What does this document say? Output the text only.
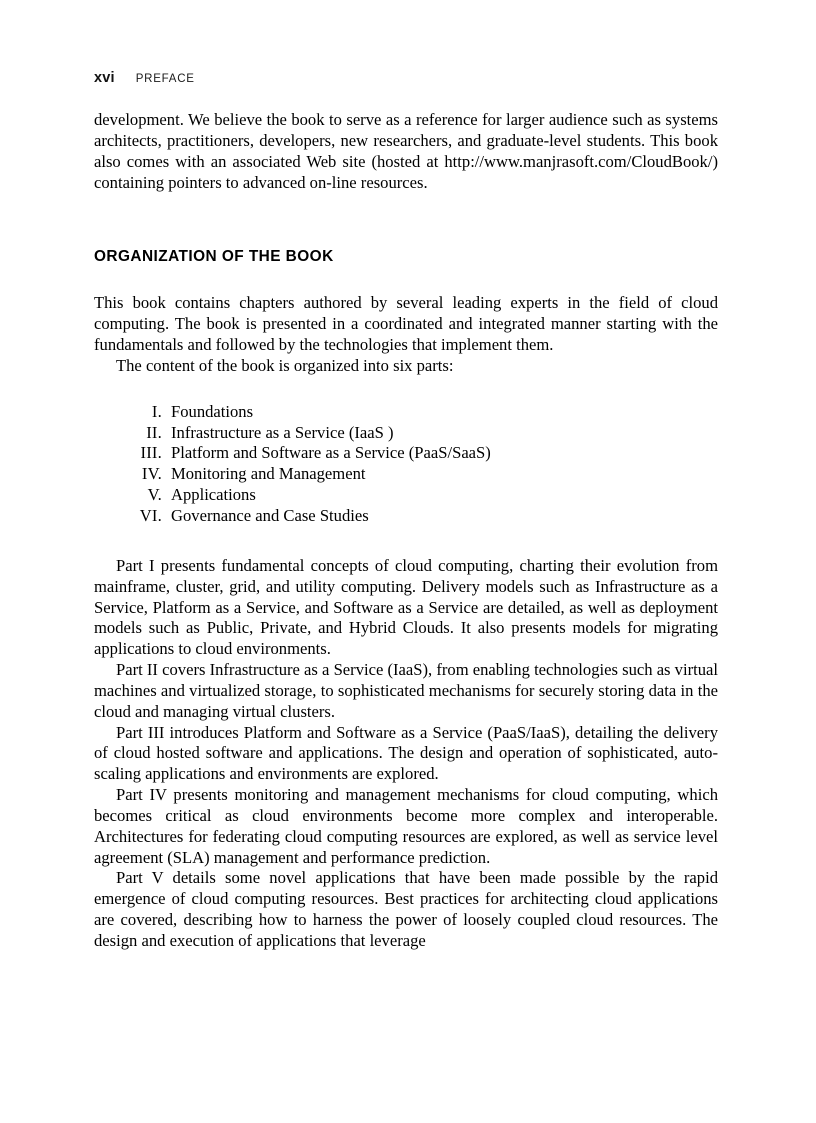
xvi PREFACE

development. We believe the book to serve as a reference for larger audience such as systems architects, practitioners, developers, new researchers, and graduate-level students. This book also comes with an associated Web site (hosted at http://www.manjrasoft.com/CloudBook/) containing pointers to advanced on-line resources.

ORGANIZATION OF THE BOOK

This book contains chapters authored by several leading experts in the field of cloud computing. The book is presented in a coordinated and integrated manner starting with the fundamentals and followed by the technologies that implement them.

The content of the book is organized into six parts:

I. Foundations
II. Infrastructure as a Service (IaaS )
III. Platform and Software as a Service (PaaS/SaaS)
IV. Monitoring and Management
V. Applications
VI. Governance and Case Studies

Part I presents fundamental concepts of cloud computing, charting their evolution from mainframe, cluster, grid, and utility computing. Delivery models such as Infrastructure as a Service, Platform as a Service, and Software as a Service are detailed, as well as deployment models such as Public, Private, and Hybrid Clouds. It also presents models for migrating applications to cloud environments.

Part II covers Infrastructure as a Service (IaaS), from enabling technologies such as virtual machines and virtualized storage, to sophisticated mechanisms for securely storing data in the cloud and managing virtual clusters.

Part III introduces Platform and Software as a Service (PaaS/IaaS), detailing the delivery of cloud hosted software and applications. The design and operation of sophisticated, auto-scaling applications and environments are explored.

Part IV presents monitoring and management mechanisms for cloud computing, which becomes critical as cloud environments become more complex and interoperable. Architectures for federating cloud computing resources are explored, as well as service level agreement (SLA) management and performance prediction.

Part V details some novel applications that have been made possible by the rapid emergence of cloud computing resources. Best practices for architecting cloud applications are covered, describing how to harness the power of loosely coupled cloud resources. The design and execution of applications that leverage
